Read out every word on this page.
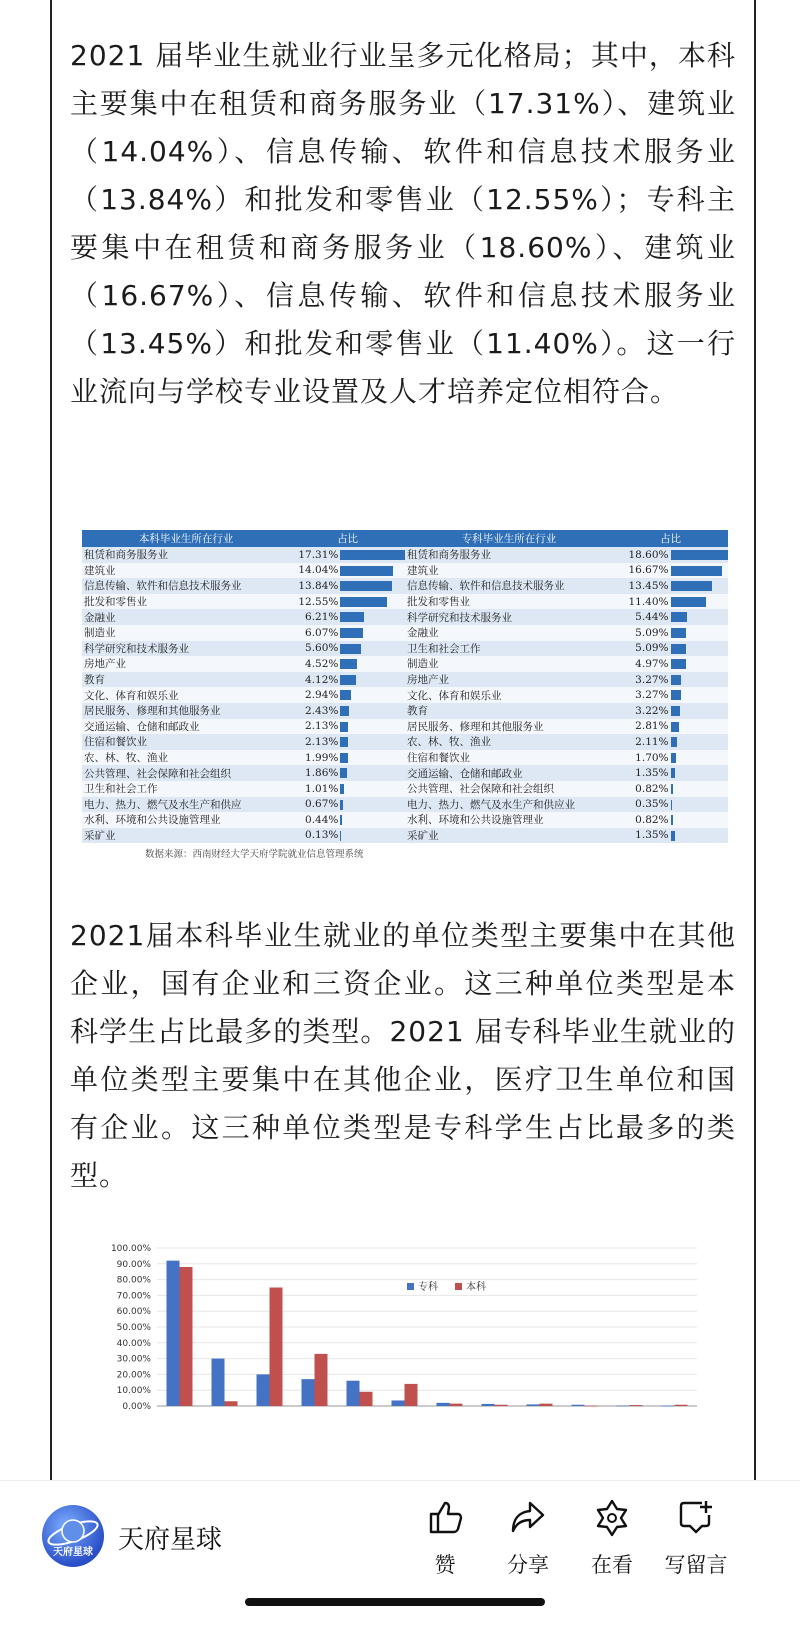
2021 届毕业生就业行业呈多元化格局；其中，本科主要集中在租赁和商务服务业（17.31%）、建筑业（14.04%）、信息传输、软件和信息技术服务业（13.84%）和批发和零售业（12.55%）；专科主要集中在租赁和商务服务业（18.60%）、建筑业（16.67%）、信息传输、软件和信息技术服务业（13.45%）和批发和零售业（11.40%）。这一行业流向与学校专业设置及人才培养定位相符合。

本科毕业生所在行业	占比		专科毕业生所在行业	占比	
租赁和商务服务业	17.31%		租赁和商务服务业	18.60%	

建筑业	14.04%		建筑业	16.67%	

信息传输、软件和信息技术服务业	13.84%		信息传输、软件和信息技术服务业	13.45%	

批发和零售业	12.55%		批发和零售业	11.40%	

金融业	6.21%		科学研究和技术服务业	5.44%	

制造业	6.07%		金融业	5.09%	

科学研究和技术服务业	5.60%		卫生和社会工作	5.09%	

房地产业	4.52%		制造业	4.97%	

教育	4.12%		房地产业	3.27%	

文化、体育和娱乐业	2.94%		文化、体育和娱乐业	3.27%	

居民服务、修理和其他服务业	2.43%		教育	3.22%	

交通运输、仓储和邮政业	2.13%		居民服务、修理和其他服务业	2.81%	

住宿和餐饮业	2.13%		农、林、牧、渔业	2.11%	

农、林、牧、渔业	1.99%		住宿和餐饮业	1.70%	

公共管理、社会保障和社会组织	1.86%		交通运输、仓储和邮政业	1.35%	

卫生和社会工作	1.01%		公共管理、社会保障和社会组织	0.82%	

电力、热力、燃气及水生产和供应	0.67%		电力、热力、燃气及水生产和供应业	0.35%	

水利、环境和公共设施管理业	0.44%		水利、环境和公共设施管理业	0.82%	

采矿业	0.13%		采矿业	1.35%	

2021届本科毕业生就业的单位类型主要集中在其他企业，国有企业和三资企业。这三种单位类型是本科学生占比最多的类型。2021 届专科毕业生就业的单位类型主要集中在其他企业，医疗卫生单位和国有企业。这三种单位类型是专科学生占比最多的类型。

100.00%
90.00%
80.00%
70.00%
60.00%
50.00%
40.00%
30.00%
20.00%
10.00%
0.00%
专科	本科
数据来源：西南财经大学天府学院就业信息管理系统
天府星球 天府星球
赞	分享	在看	写留言
